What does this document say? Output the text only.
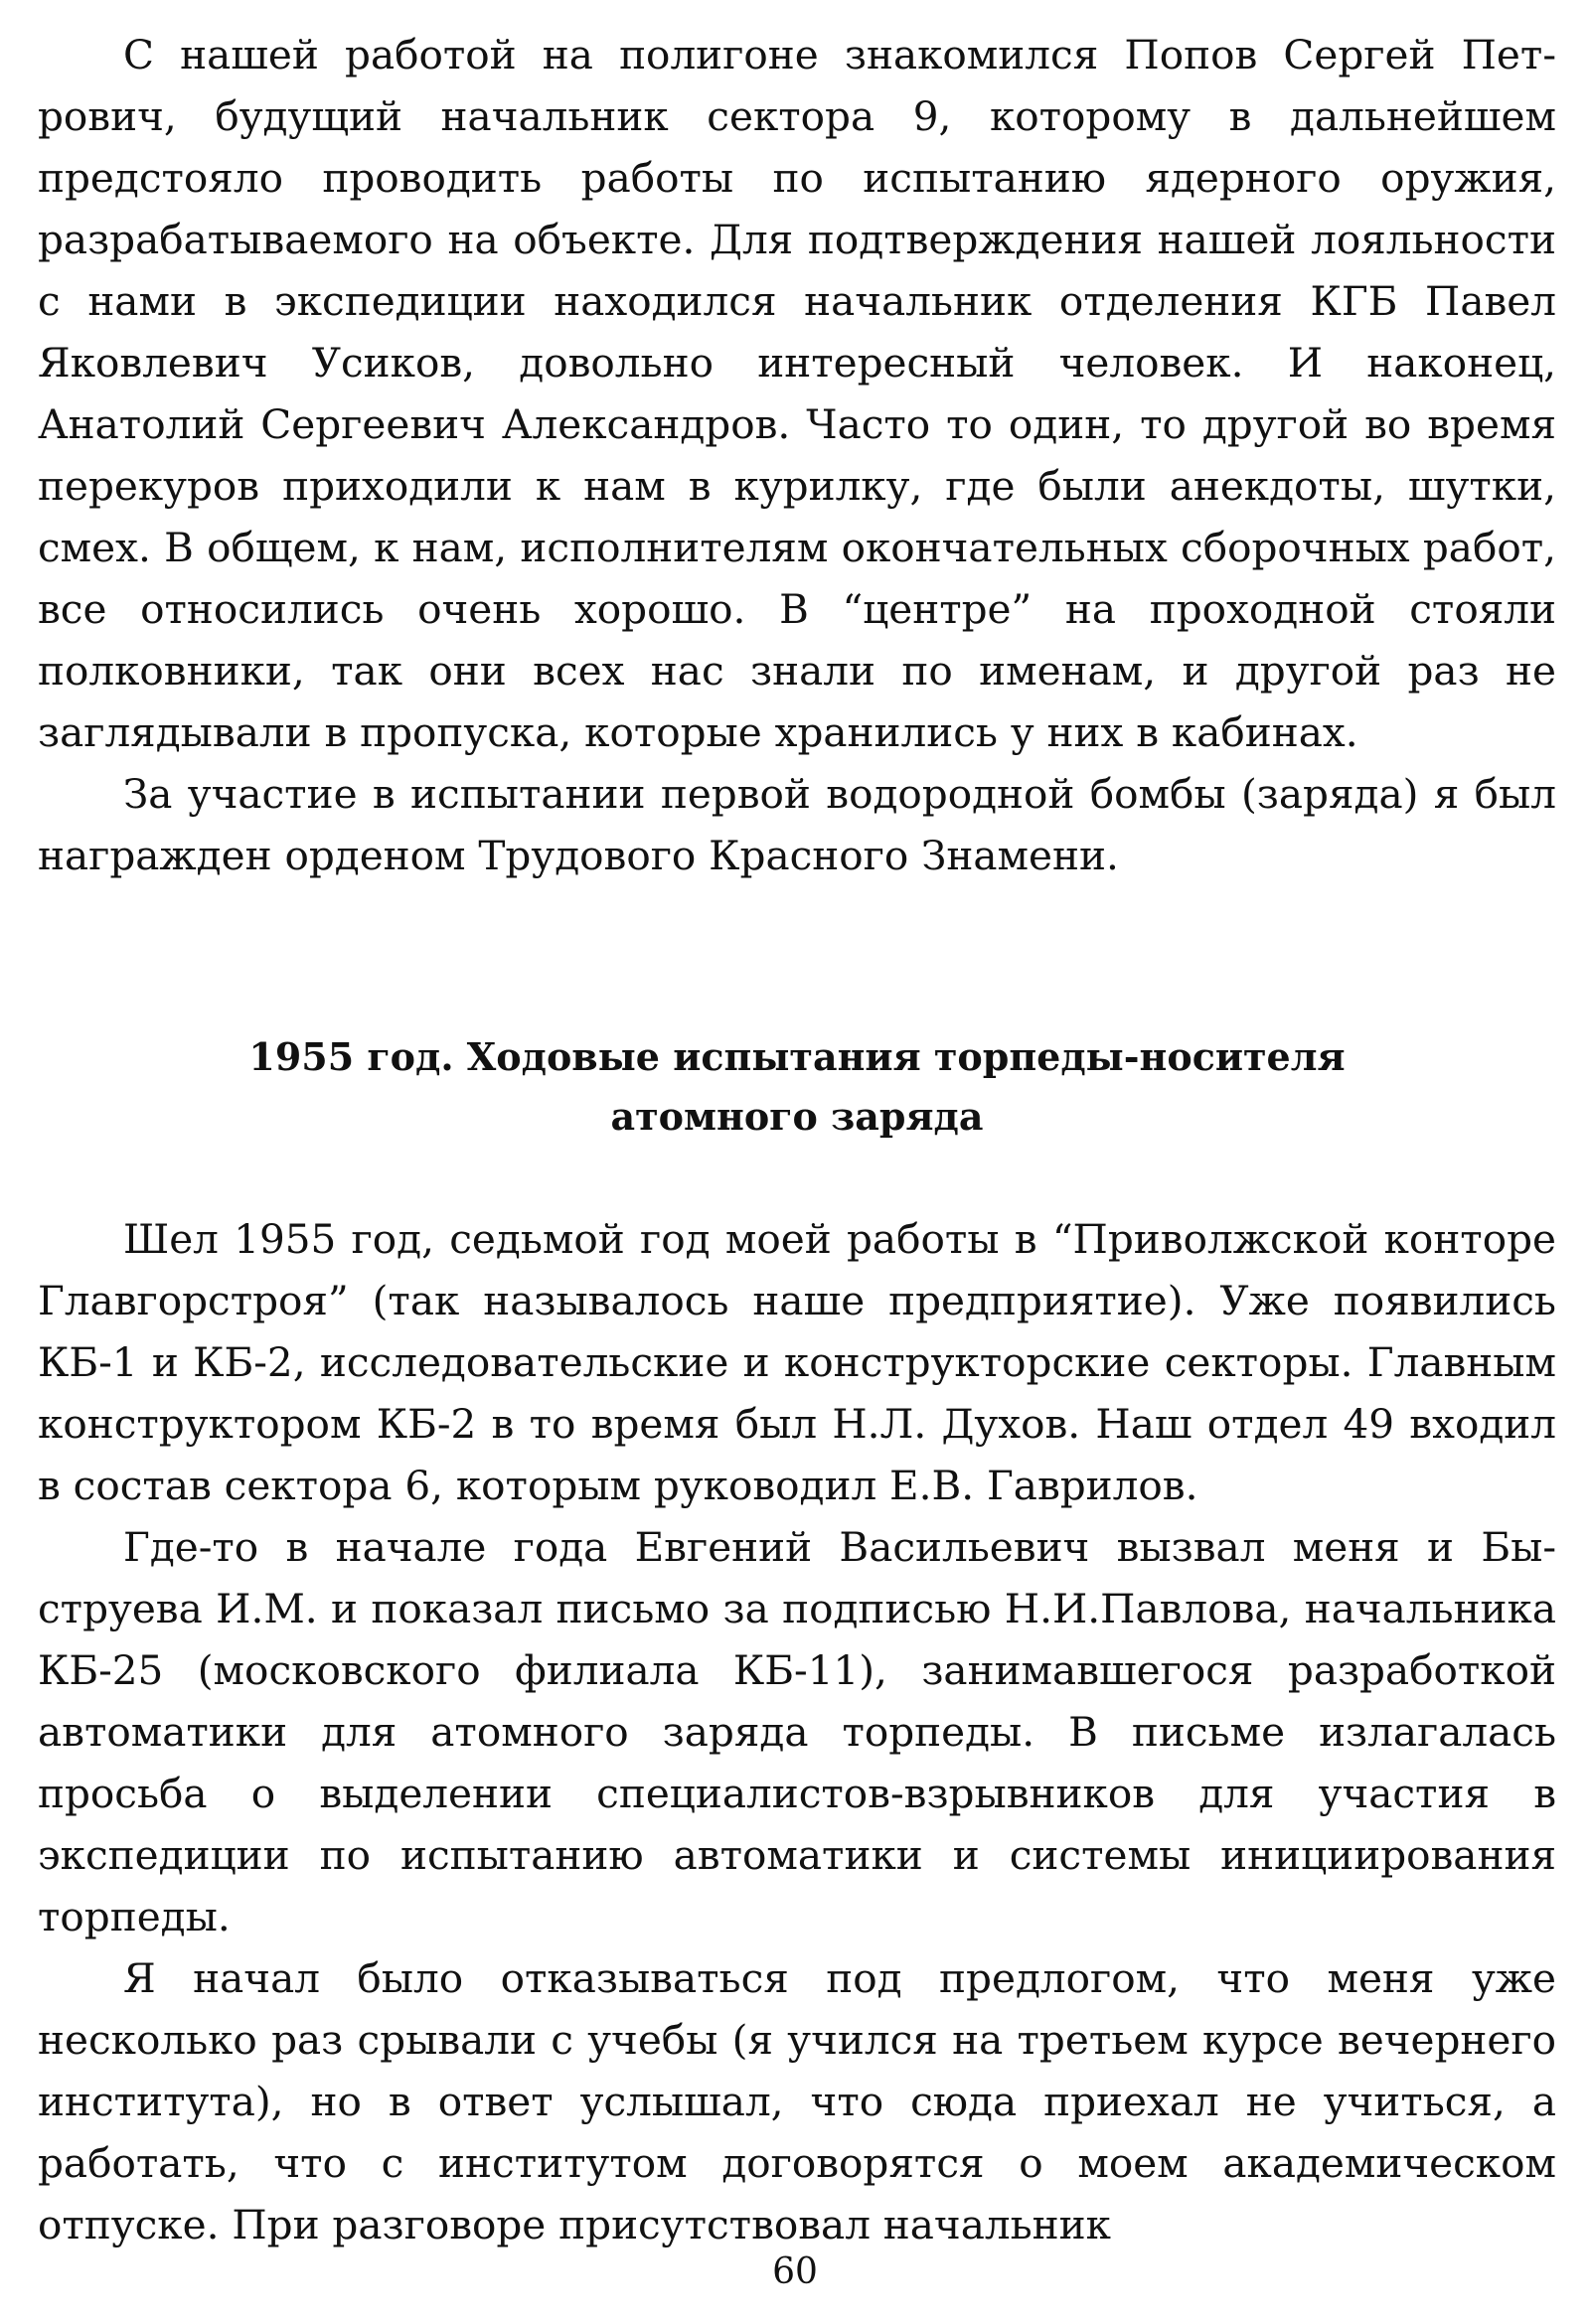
С нашей работой на полигоне знакомился Попов Сергей Петрович, будущий начальник сектора 9, которому в дальнейшем предстояло проводить работы по испытанию ядерного оружия, разрабатываемого на объекте. Для подтверждения нашей лояльности с нами в экспедиции находился начальник отделения КГБ Павел Яковлевич Усиков, довольно интересный человек. И наконец, Анатолий Сергеевич Александров. Часто то один, то другой во время перекуров приходили к нам в курилку, где были анекдоты, шутки, смех. В общем, к нам, исполнителям окончательных сборочных работ, все относились очень хорошо. В “центре” на проходной стояли полковники, так они всех нас знали по именам, и другой раз не заглядывали в пропуска, которые хранились у них в кабинах.

За участие в испытании первой водородной бомбы (заряда) я был награжден орденом Трудового Красного Знамени.

1955 год. Ходовые испытания торпеды-носителя
атомного заряда

Шел 1955 год, седьмой год моей работы в “Приволжской конторе Главгорстроя” (так называлось наше предприятие). Уже появились КБ-1 и КБ-2, исследовательские и конструкторские секторы. Главным конструктором КБ-2 в то время был Н.Л. Духов. Наш отдел 49 входил в состав сектора 6, которым руководил Е.В. Гаврилов.

Где-то в начале года Евгений Васильевич вызвал меня и Быструева И.М. и показал письмо за подписью Н.И.Павлова, начальника КБ-25 (московского филиала КБ-11), занимавшегося разработкой автоматики для атомного заряда торпеды. В письме излагалась просьба о выделении специалистов-взрывников для участия в экспедиции по испытанию автоматики и системы инициирования торпеды.

Я начал было отказываться под предлогом, что меня уже несколько раз срывали с учебы (я учился на третьем курсе вечернего института), но в ответ услышал, что сюда приехал не учиться, а работать, что с институтом договорятся о моем академическом отпуске. При разговоре присутствовал начальник

60
